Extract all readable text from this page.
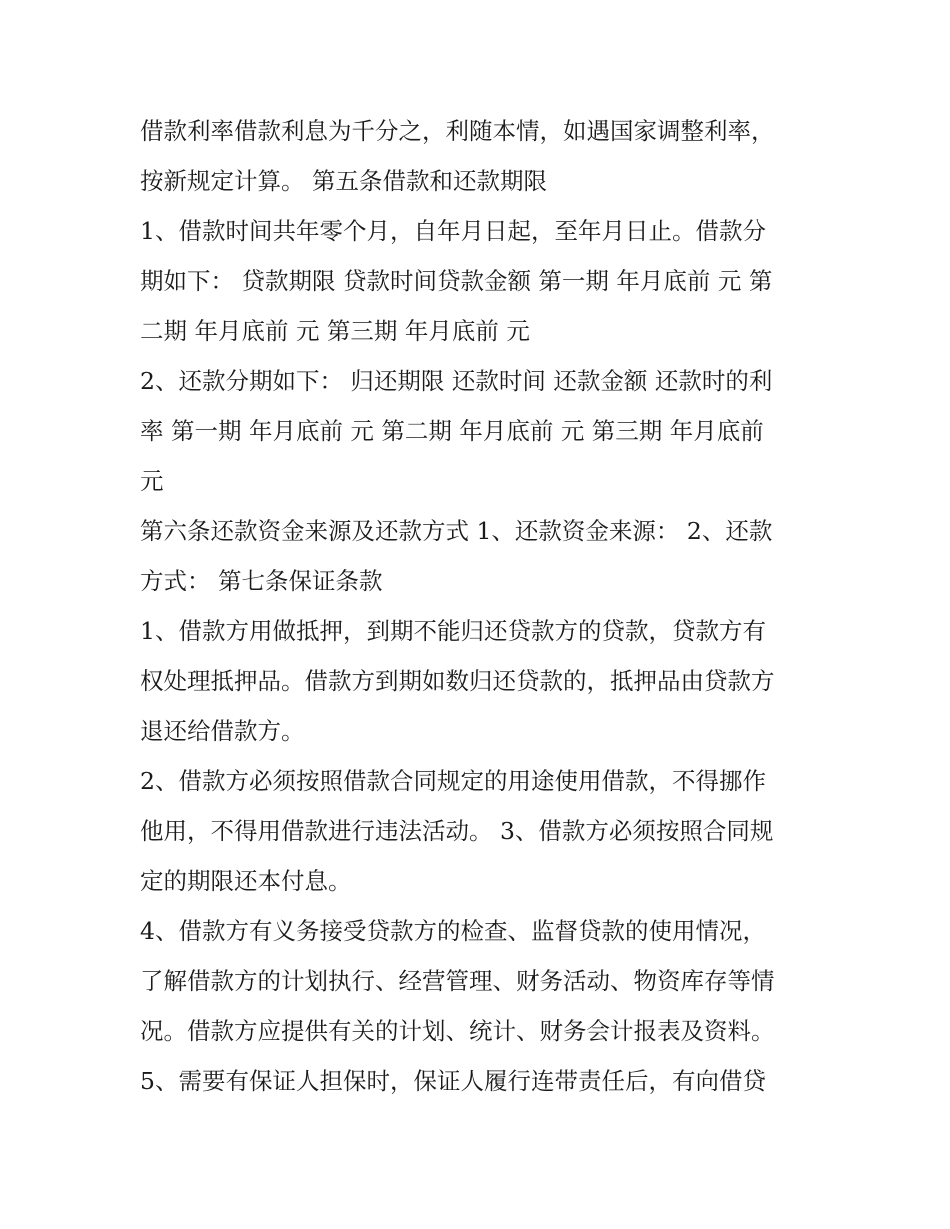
借款利率借款利息为千分之，利随本情，如遇国家调整利率，
按新规定计算。 第五条借款和还款期限
1、借款时间共年零个月，自年月日起，至年月日止。借款分
期如下： 贷款期限 贷款时间贷款金额 第一期 年月底前 元 第
二期 年月底前 元 第三期 年月底前 元
2、还款分期如下： 归还期限 还款时间 还款金额 还款时的利
率 第一期 年月底前 元 第二期 年月底前 元 第三期 年月底前
元
第六条还款资金来源及还款方式 1、还款资金来源： 2、还款
方式： 第七条保证条款
1、借款方用做抵押，到期不能归还贷款方的贷款，贷款方有
权处理抵押品。借款方到期如数归还贷款的，抵押品由贷款方
退还给借款方。
2、借款方必须按照借款合同规定的用途使用借款，不得挪作
他用，不得用借款进行违法活动。 3、借款方必须按照合同规
定的期限还本付息。
4、借款方有义务接受贷款方的检查、监督贷款的使用情况，
了解借款方的计划执行、经营管理、财务活动、物资库存等情
况。借款方应提供有关的计划、统计、财务会计报表及资料。
5、需要有保证人担保时，保证人履行连带责任后，有向借贷
